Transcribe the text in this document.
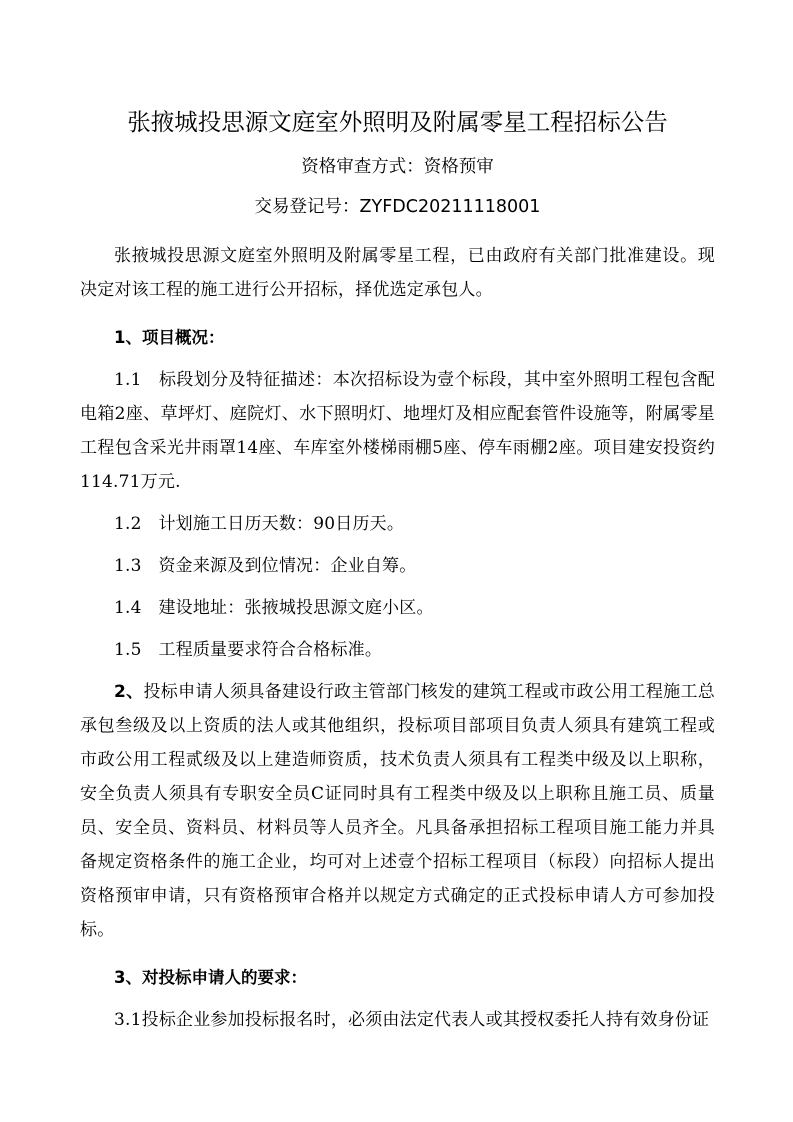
张掖城投思源文庭室外照明及附属零星工程招标公告

资格审查方式：资格预审

交易登记号：ZYFDC20211118001

张掖城投思源文庭室外照明及附属零星工程，已由政府有关部门批准建设。现决定对该工程的施工进行公开招标，择优选定承包人。

1、项目概况：

1.1 标段划分及特征描述：本次招标设为壹个标段，其中室外照明工程包含配电箱2座、草坪灯、庭院灯、水下照明灯、地埋灯及相应配套管件设施等，附属零星工程包含采光井雨罩14座、车库室外楼梯雨棚5座、停车雨棚2座。项目建安投资约114.71万元.

1.2 计划施工日历天数：90日历天。

1.3 资金来源及到位情况：企业自筹。

1.4 建设地址：张掖城投思源文庭小区。

1.5 工程质量要求符合合格标准。

2、投标申请人须具备建设行政主管部门核发的建筑工程或市政公用工程施工总承包叁级及以上资质的法人或其他组织，投标项目部项目负责人须具有建筑工程或市政公用工程贰级及以上建造师资质，技术负责人须具有工程类中级及以上职称，安全负责人须具有专职安全员C证同时具有工程类中级及以上职称且施工员、质量员、安全员、资料员、材料员等人员齐全。凡具备承担招标工程项目施工能力并具备规定资格条件的施工企业，均可对上述壹个招标工程项目（标段）向招标人提出资格预审申请，只有资格预审合格并以规定方式确定的正式投标申请人方可参加投标。

3、对投标申请人的要求：

3.1投标企业参加投标报名时，必须由法定代表人或其授权委托人持有效身份证
